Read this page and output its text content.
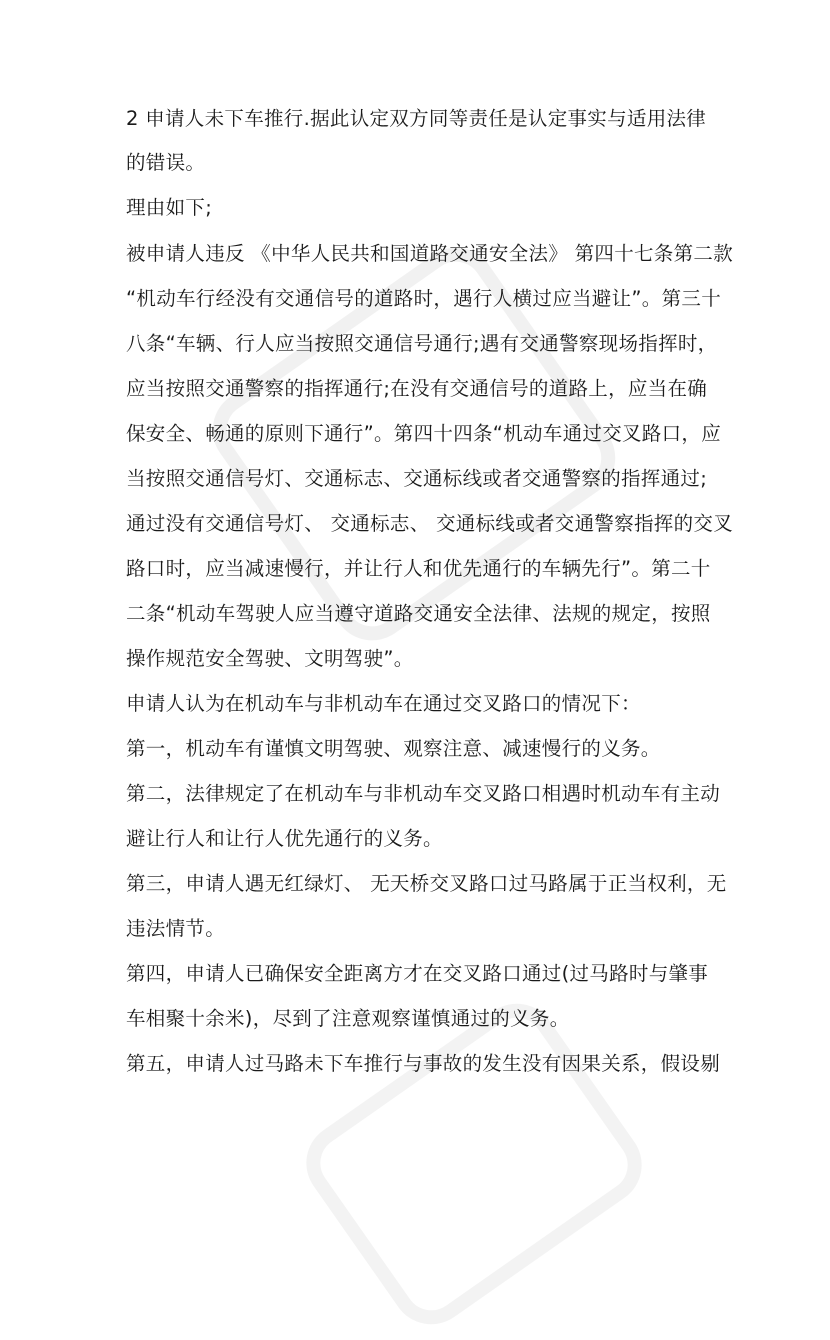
2 申请人未下车推行.据此认定双方同等责任是认定事实与适用法律
的错误。
理由如下;
被申请人违反 《中华人民共和国道路交通安全法》 第四十七条第二款
“机动车行经没有交通信号的道路时，遇行人横过应当避让”。第三十
八条“车辆、行人应当按照交通信号通行;遇有交通警察现场指挥时，
应当按照交通警察的指挥通行;在没有交通信号的道路上，应当在确
保安全、畅通的原则下通行”。第四十四条“机动车通过交叉路口，应
当按照交通信号灯、交通标志、交通标线或者交通警察的指挥通过;
通过没有交通信号灯、 交通标志、 交通标线或者交通警察指挥的交叉
路口时，应当减速慢行，并让行人和优先通行的车辆先行”。第二十
二条“机动车驾驶人应当遵守道路交通安全法律、法规的规定，按照
操作规范安全驾驶、文明驾驶”。
申请人认为在机动车与非机动车在通过交叉路口的情况下：
第一，机动车有谨慎文明驾驶、观察注意、减速慢行的义务。
第二，法律规定了在机动车与非机动车交叉路口相遇时机动车有主动
避让行人和让行人优先通行的义务。
第三，申请人遇无红绿灯、 无天桥交叉路口过马路属于正当权利，无
违法情节。
第四，申请人已确保安全距离方才在交叉路口通过(过马路时与肇事
车相聚十余米)，尽到了注意观察谨慎通过的义务。
第五，申请人过马路未下车推行与事故的发生没有因果关系，假设剔
